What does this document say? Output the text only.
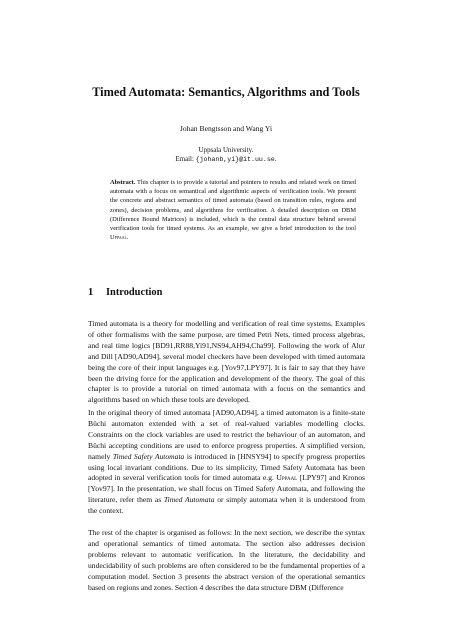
Timed Automata: Semantics, Algorithms and Tools
Johan Bengtsson and Wang Yi
Uppsala University.
Email: {johanb,yi}@it.uu.se.
Abstract. This chapter is to provide a tutorial and pointers to results and related work on timed automata with a focus on semantical and algorithmic aspects of verification tools. We present the concrete and abstract semantics of timed automata (based on transition rules, regions and zones), decision problems, and algorithms for verification. A detailed description on DBM (Difference Bound Matrices) is included, which is the central data structure behind several verification tools for timed systems. As an example, we give a brief introduction to the tool Uppaal.
1 Introduction
Timed automata is a theory for modelling and verification of real time systems. Examples of other formalisms with the same purpose, are timed Petri Nets, timed process algebras, and real time logics [BD91,RR88,Yi91,NS94,AH94,Cha99]. Following the work of Alur and Dill [AD90,AD94], several model checkers have been developed with timed automata being the core of their input languages e.g. [Yov97,LPY97]. It is fair to say that they have been the driving force for the application and development of the theory. The goal of this chapter is to provide a tutorial on timed automata with a focus on the semantics and algorithms based on which these tools are developed.
In the original theory of timed automata [AD90,AD94], a timed automaton is a finite-state Büchi automaton extended with a set of real-valued variables modelling clocks. Constraints on the clock variables are used to restrict the behaviour of an automaton, and Büchi accepting conditions are used to enforce progress properties. A simplified version, namely Timed Safety Automata is introduced in [HNSY94] to specify progress properties using local invariant conditions. Due to its simplicity, Timed Safety Automata has been adopted in several verification tools for timed automata e.g. Uppaal [LPY97] and Kronos [Yov97]. In the presentation, we shall focus on Timed Safety Automata, and following the literature, refer them as Timed Automata or simply automata when it is understood from the context.
The rest of the chapter is organised as follows: In the next section, we describe the syntax and operational semantics of timed automata. The section also addresses decision problems relevant to automatic verification. In the literature, the decidability and undecidability of such problems are often considered to be the fundamental properties of a computation model. Section 3 presents the abstract version of the operational semantics based on regions and zones. Section 4 describes the data structure DBM (Difference
